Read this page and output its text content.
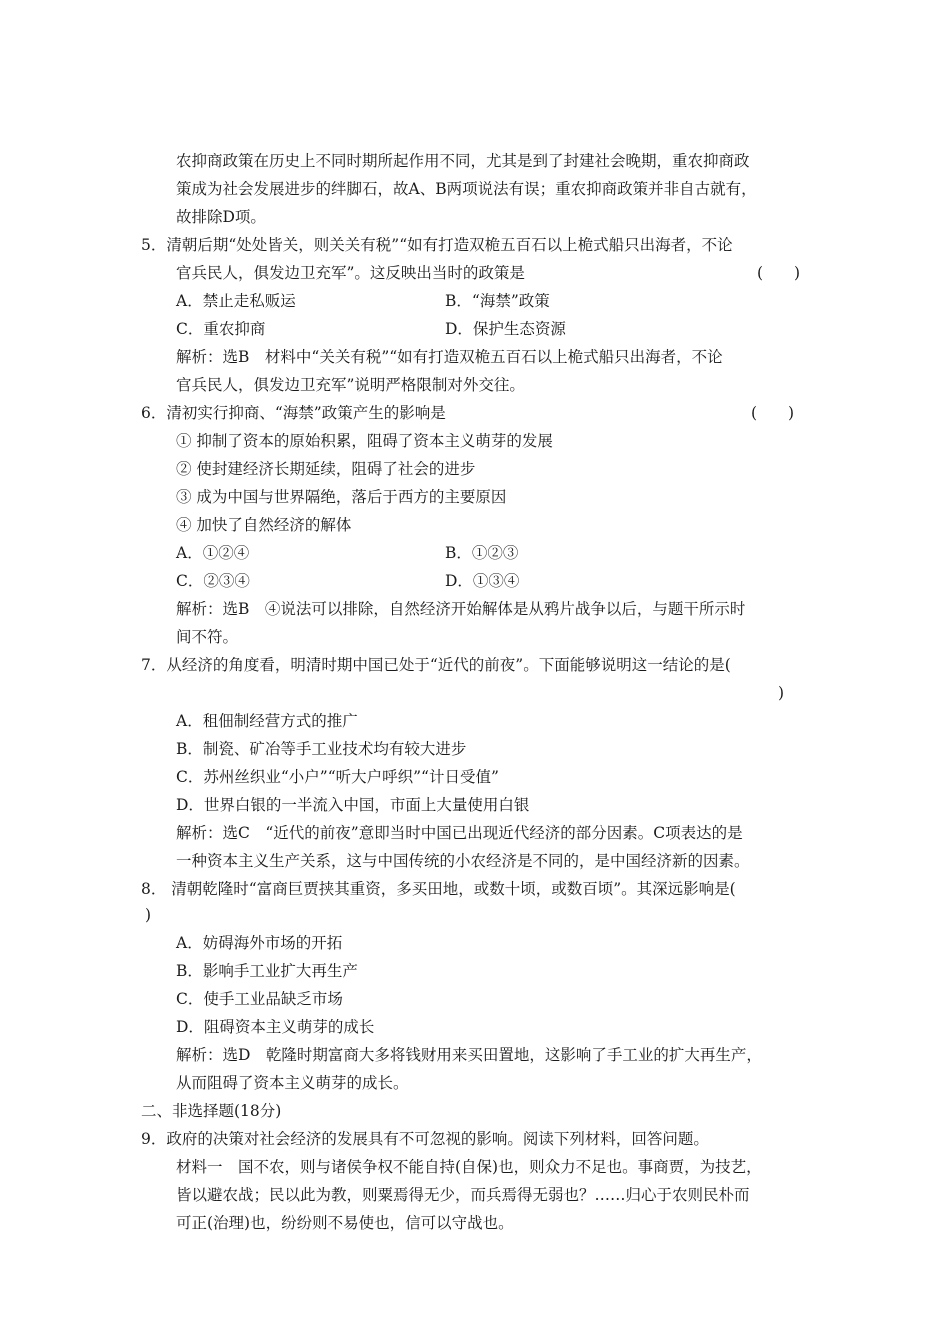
农抑商政策在历史上不同时期所起作用不同，尤其是到了封建社会晚期，重农抑商政
策成为社会发展进步的绊脚石，故A、B两项说法有误；重农抑商政策并非自古就有，
故排除D项。
5．清朝后期“处处皆关，则关关有税”“如有打造双桅五百石以上桅式船只出海者，不论
官兵民人，俱发边卫充军”。这反映出当时的政策是	(　　)
A．禁止走私贩运	B．“海禁”政策
C．重农抑商	D．保护生态资源
解析：选B　材料中“关关有税”“如有打造双桅五百石以上桅式船只出海者，不论
官兵民人，俱发边卫充军”说明严格限制对外交往。
6．清初实行抑商、“海禁”政策产生的影响是	(　　)
① 抑制了资本的原始积累，阻碍了资本主义萌芽的发展
② 使封建经济长期延续，阻碍了社会的进步
③ 成为中国与世界隔绝，落后于西方的主要原因
④ 加快了自然经济的解体
A．①②④	B．①②③
C．②③④	D．①③④
解析：选B　④说法可以排除，自然经济开始解体是从鸦片战争以后，与题干所示时
间不符。
7．从经济的角度看，明清时期中国已处于“近代的前夜”。下面能够说明这一结论的是(
)
A．租佃制经营方式的推广
B．制瓷、矿冶等手工业技术均有较大进步
C．苏州丝织业“小户”“听大户呼织”“计日受值”
D．世界白银的一半流入中国，市面上大量使用白银
解析：选C　“近代的前夜”意即当时中国已出现近代经济的部分因素。C项表达的是
一种资本主义生产关系，这与中国传统的小农经济是不同的，是中国经济新的因素。
8． 清朝乾隆时“富商巨贾挟其重资，多买田地，或数十顷，或数百顷”。其深远影响是(
)
A．妨碍海外市场的开拓
B．影响手工业扩大再生产
C．使手工业品缺乏市场
D．阻碍资本主义萌芽的成长
解析：选D　乾隆时期富商大多将钱财用来买田置地，这影响了手工业的扩大再生产，
从而阻碍了资本主义萌芽的成长。
二、非选择题(18分)
9．政府的决策对社会经济的发展具有不可忽视的影响。阅读下列材料，回答问题。
材料一　国不农，则与诸侯争权不能自持(自保)也，则众力不足也。事商贾，为技艺，
皆以避农战；民以此为教，则粟焉得无少，而兵焉得无弱也？……归心于农则民朴而
可正(治理)也，纷纷则不易使也，信可以守战也。
